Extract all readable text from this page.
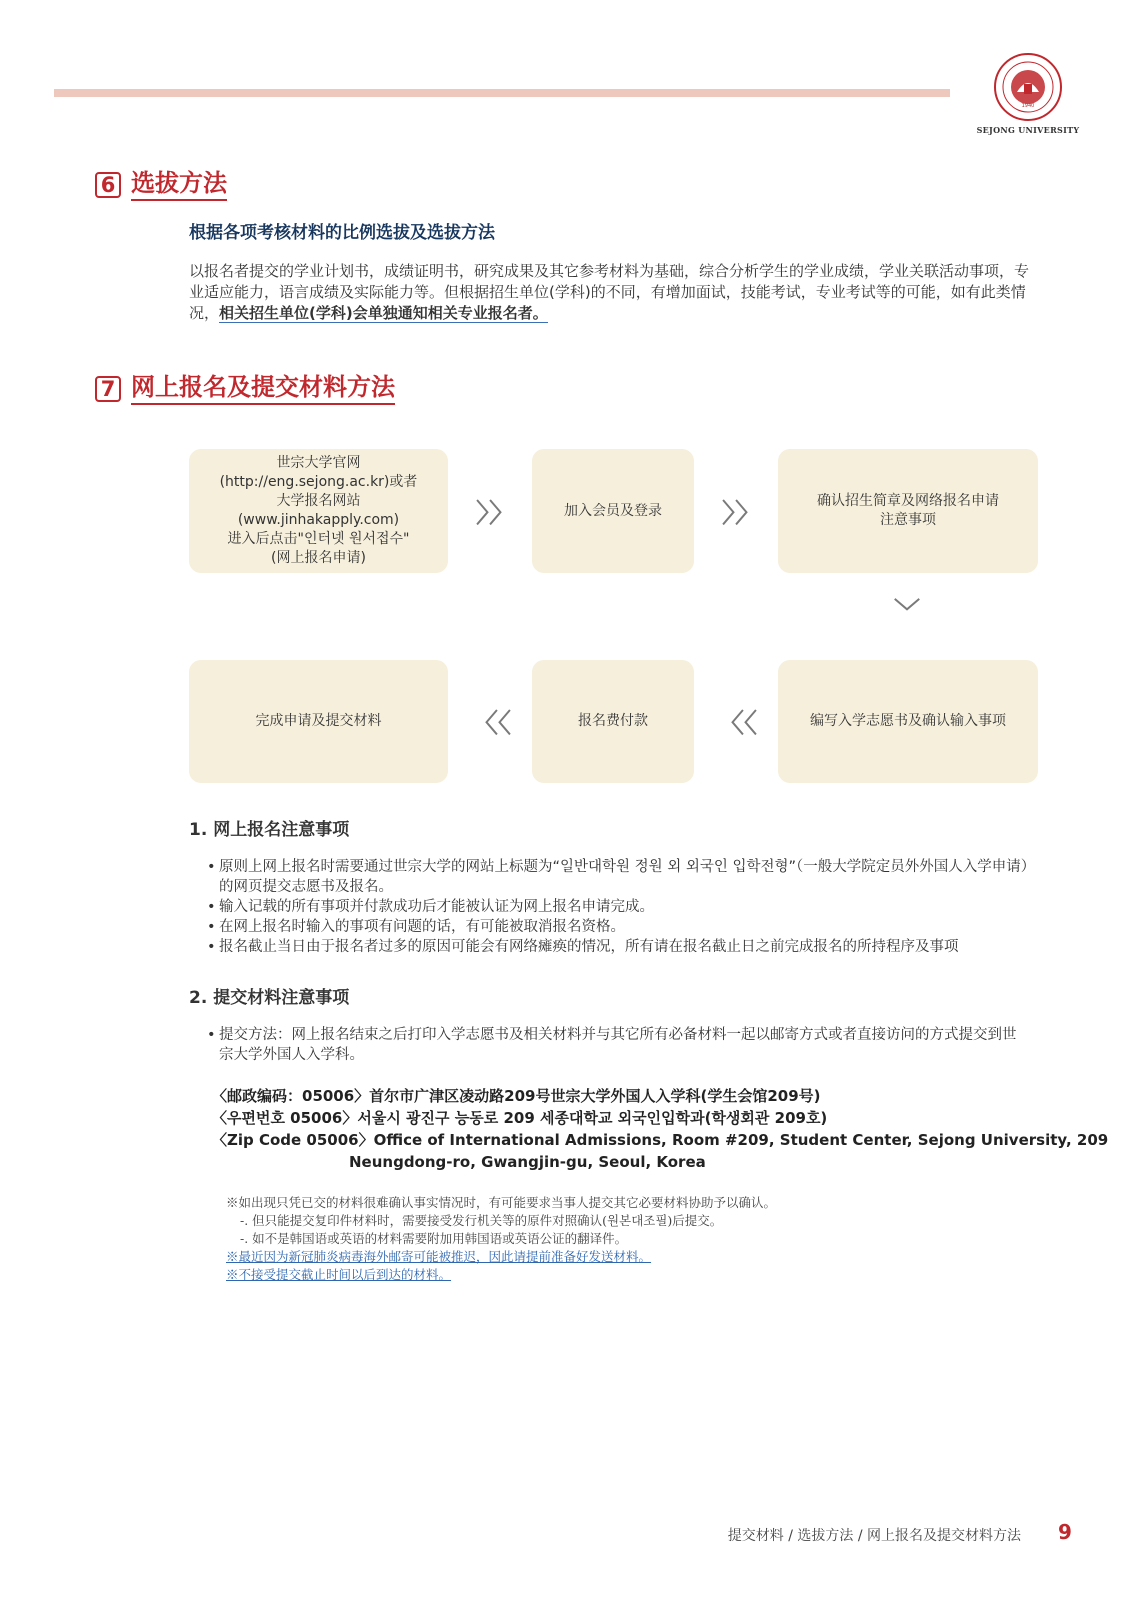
1940
SEJONG UNIVERSITY
6 选拔方法
根据各项考核材料的比例选拔及选拔方法
以报名者提交的学业计划书，成绩证明书，研究成果及其它参考材料为基础，综合分析学生的学业成绩，学业关联活动事项，专业适应能力，语言成绩及实际能力等。但根据招生单位(学科)的不同，有增加面试，技能考试，专业考试等的可能，如有此类情况，相关招生单位(学科)会单独通知相关专业报名者。
7 网上报名及提交材料方法
世宗大学官网
(http://eng.sejong.ac.kr)或者
大学报名网站
(www.jinhakapply.com)
进入后点击"인터넷 원서접수"
(网上报名申请)
〉〉	加入会员及登录	〉〉	确认招生简章及网络报名申请
注意事项
﹀
完成申请及提交材料	〈〈	报名费付款	〈〈	编写入学志愿书及确认输入事项
1. 网上报名注意事项
• 原则上网上报名时需要通过世宗大学的网站上标题为“일반대학원 정원 외 외국인 입학전형”（一般大学院定员外外国人入学申请）的网页提交志愿书及报名。
• 输入记载的所有事项并付款成功后才能被认证为网上报名申请完成。
• 在网上报名时输入的事项有问题的话，有可能被取消报名资格。
• 报名截止当日由于报名者过多的原因可能会有网络瘫痪的情况，所有请在报名截止日之前完成报名的所持程序及事项
2. 提交材料注意事项
• 提交方法：网上报名结束之后打印入学志愿书及相关材料并与其它所有必备材料一起以邮寄方式或者直接访问的方式提交到世宗大学外国人入学科。
〈邮政编码：05006〉首尔市广津区凌动路209号世宗大学外国人入学科(学生会馆209号)
〈우편번호 05006〉서울시 광진구 능동로 209 세종대학교 외국인입학과(학생회관 209호)
〈Zip Code 05006〉Office of International Admissions, Room #209, Student Center, Sejong University, 209
Neungdong-ro, Gwangjin-gu, Seoul, Korea
※如出现只凭已交的材料很难确认事实情况时，有可能要求当事人提交其它必要材料协助予以确认。
-. 但只能提交复印件材料时，需要接受发行机关等的原件对照确认(원본대조필)后提交。
-. 如不是韩国语或英语的材料需要附加用韩国语或英语公证的翻译件。
※最近因为新冠肺炎病毒海外邮寄可能被推迟，因此请提前准备好发送材料。
※不接受提交截止时间以后到达的材料。
提交材料 / 选拔方法 / 网上报名及提交材料方法 9
